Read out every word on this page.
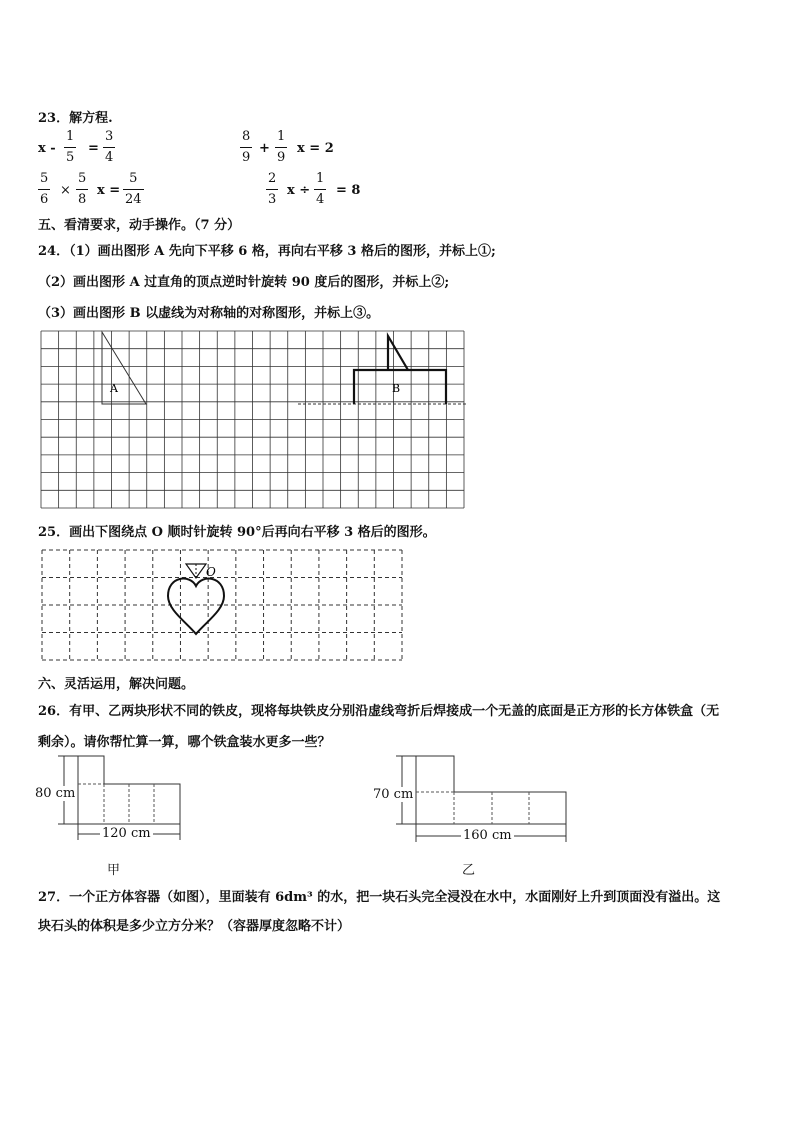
23．解方程.
x -
1
5
=
3
4
8
9
+
1
9
x = 2
5
6
×
5
8
x =
5
24
2
3
x ÷
1
4
= 8
五、看清要求，动手操作。（7 分）
24．（1）画出图形 A 先向下平移 6 格，再向右平移 3 格后的图形，并标上①;
（2）画出图形 A 过直角的顶点逆时针旋转 90 度后的图形，并标上②;
（3）画出图形 B 以虚线为对称轴的对称图形，并标上③。
A	B
25．画出下图绕点 O 顺时针旋转 90°后再向右平移 3 格后的图形。
O
六、灵活运用，解决问题。
26．有甲、乙两块形状不同的铁皮，现将每块铁皮分别沿虚线弯折后焊接成一个无盖的底面是正方形的长方体铁盒（无
剩余）。请你帮忙算一算，哪个铁盒装水更多一些？
80 cm
120 cm
甲
70 cm
160 cm
乙
27．一个正方体容器（如图），里面装有 6dm³ 的水，把一块石头完全浸没在水中，水面刚好上升到顶面没有溢出。这
块石头的体积是多少立方分米？（容器厚度忽略不计）
